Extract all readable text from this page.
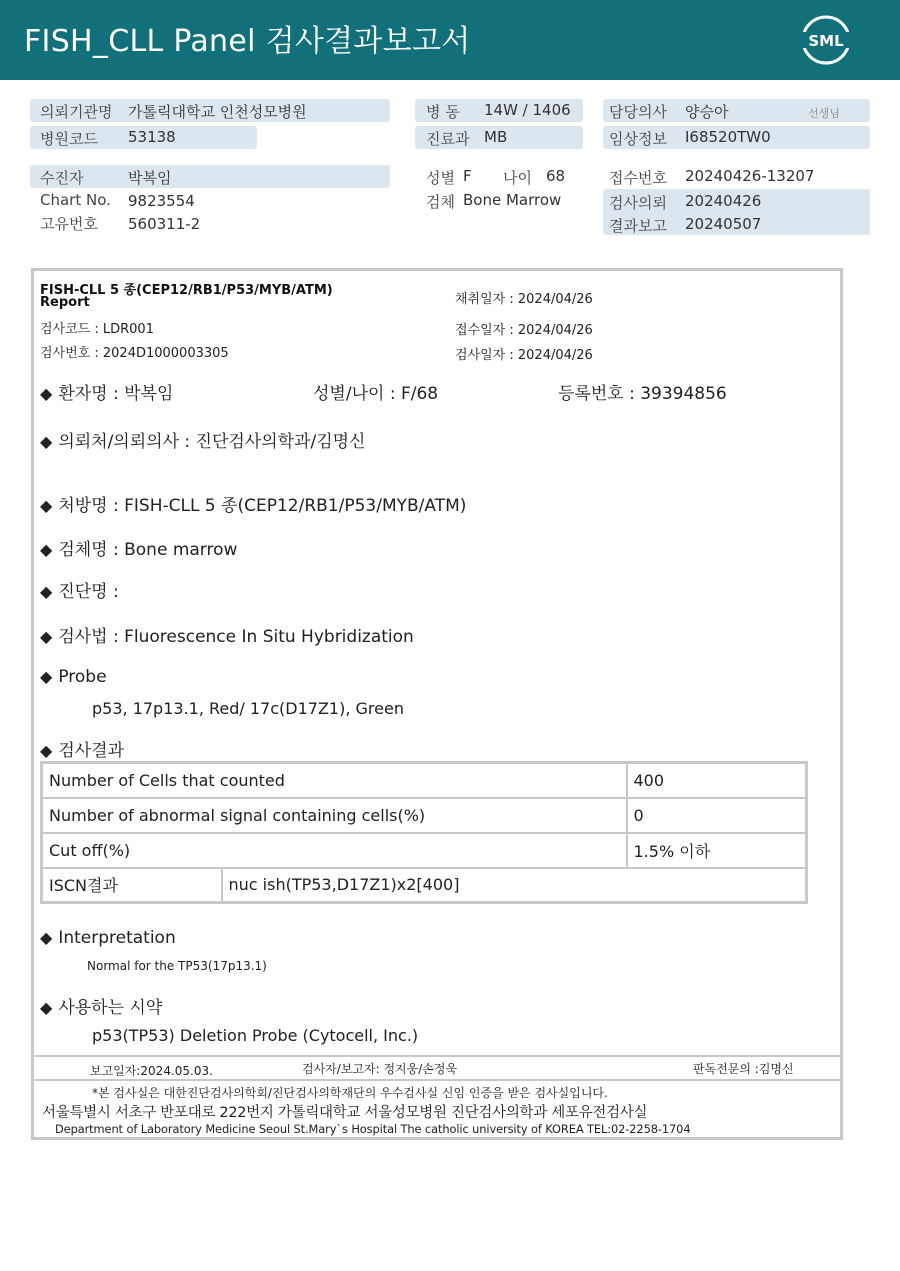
FISH_CLL Panel 검사결과보고서	SML
의뢰기관명 가톨릭대학교 인천성모병원	병 동 14W / 1406	담당의사 양승아	선생님
병원코드 53138	진료과 MB	임상정보 I68520TW0
수진자	박복임	성별 F 나이 68	접수번호 20240426-13207
Chart No. 9823554	검체 Bone Marrow	검사의뢰 20240426
고유번호 560311-2	결과보고 20240507
FISH-CLL 5 종(CEP12/RB1/P53/MYB/ATM)
Report
검사코드 : LDR001
검사번호 : 2024D1000003305
채취일자 : 2024/04/26
접수일자 : 2024/04/26
검사일자 : 2024/04/26
◆ 환자명 : 박복임	성별/나이 : F/68	등록번호 : 39394856
◆ 의뢰처/의뢰의사 : 진단검사의학과/김명신
◆ 처방명 : FISH-CLL 5 종(CEP12/RB1/P53/MYB/ATM)
◆ 검체명 : Bone marrow
◆ 진단명 :
◆ 검사법 : Fluorescence In Situ Hybridization
◆ Probe
p53, 17p13.1, Red/ 17c(D17Z1), Green
◆ 검사결과
Number of Cells that counted		400
Number of abnormal signal containing cells(%)		0
Cut off(%)		1.5% 이하
ISCN결과	nuc ish(TP53,D17Z1)x2[400]	
◆ Interpretation
Normal for the TP53(17p13.1)
◆ 사용하는 시약
p53(TP53) Deletion Probe (Cytocell, Inc.)
보고일자:2024.05.03.	검사자/보고자: 정지웅/손정욱	판독전문의 :김명신
*본 검사실은 대한진단검사의학회/진단검사의학재단의 우수검사실 신임 인증을 받은 검사실입니다.
서울특별시 서초구 반포대로 222번지 가톨릭대학교 서울성모병원 진단검사의학과 세포유전검사실
Department of Laboratory Medicine Seoul St.Mary`s Hospital The catholic university of KOREA TEL:02-2258-1704
